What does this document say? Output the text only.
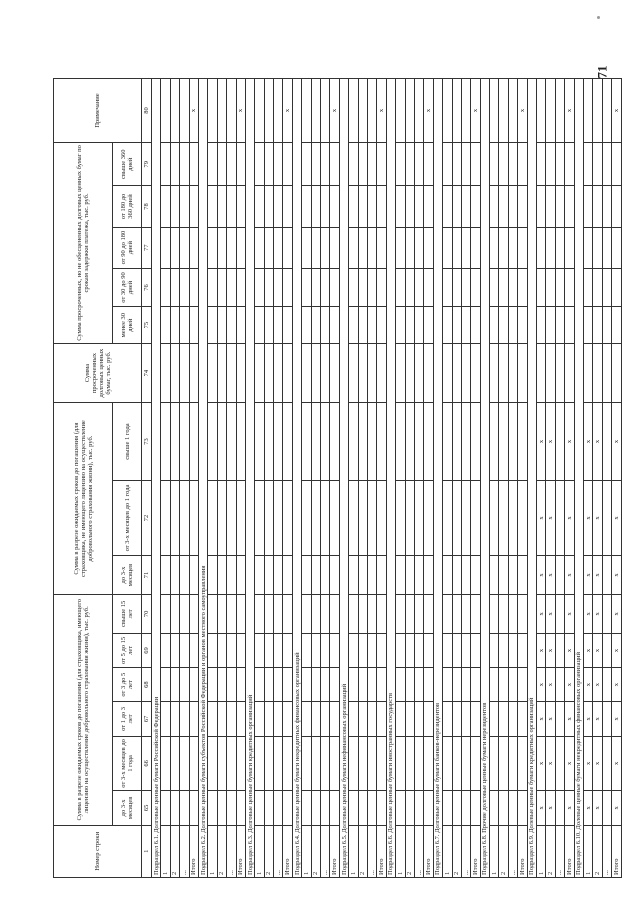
71
Номер строки	Сумма в разрезе ожидаемых сроков до погашения (для страховщика, имеющего лицензию на осуществление добровольного страхования жизни), тыс. руб.						Сумма в разрезе ожидаемых сроков до погашения (для страховщика, не имеющего лицензию на осуществление добровольного страхования жизни), тыс. руб.			Сумма просроченных долговых ценных бумаг, тыс. руб.	Сумма просроченных, но не обесцененных долговых ценных бумаг по срокам задержки платежа, тыс. руб.					Примечание
	до 3-х месяцев	от 3-х месяцев до 1 года	от 1 до 3 лет	от 3 до 5 лет	от 5 до 15 лет	свыше 15 лет	до 3-х месяцев	от 3-х месяцев до 1 года	свыше 1 года		менее 30 дней	от 30 до 90 дней	от 90 до 180 дней	от 180 до 360 дней	свыше 360 дней	
1	65	66	67	68	69	70	71	72	73	74	75	76	77	78	79	80
Подраздел 6.1. Долговые ценные бумаги Российской Федерации																
1																
2																
...																
Итого																x
Подраздел 6.2. Долговые ценные бумаги субъектов Российской Федерации и органов местного самоуправления																
1																
2																
...																
Итого																x
Подраздел 6.3. Долговые ценные бумаги кредитных организаций																
1																
2																
...																
Итого																x
Подраздел 6.4. Долговые ценные бумаги некредитных финансовых организаций																
1																
2																
...																
Итого																x
Подраздел 6.5. Долговые ценные бумаги нефинансовых организаций																
1																
2																
...																
Итого																x
Подраздел 6.6. Долговые ценные бумаги иностранных государств																
1																
2																
...																
Итого																x
Подраздел 6.7. Долговые ценные бумаги банков-нерезидентов																
1																
2																
...																
Итого																x
Подраздел 6.8. Прочие долговые ценные бумаги нерезидентов																
1																
2																
...																
Итого																x
Подраздел 6.9. Долевые ценные бумаги кредитных организаций																
1	x	x	x	x	x	x	x	x	x							
2	x	x	x	x	x	x	x	x	x							
...																
Итого	x	x	x	x	x	x	x	x	x							x
Подраздел 6.10. Долевые ценные бумаги некредитных финансовых организаций																
1	x	x	x	x	x	x	x	x	x							
2	x	x	x	x	x	x	x	x	x							
...																
Итого	x	x	x	x	x	x	x	x	x							x
